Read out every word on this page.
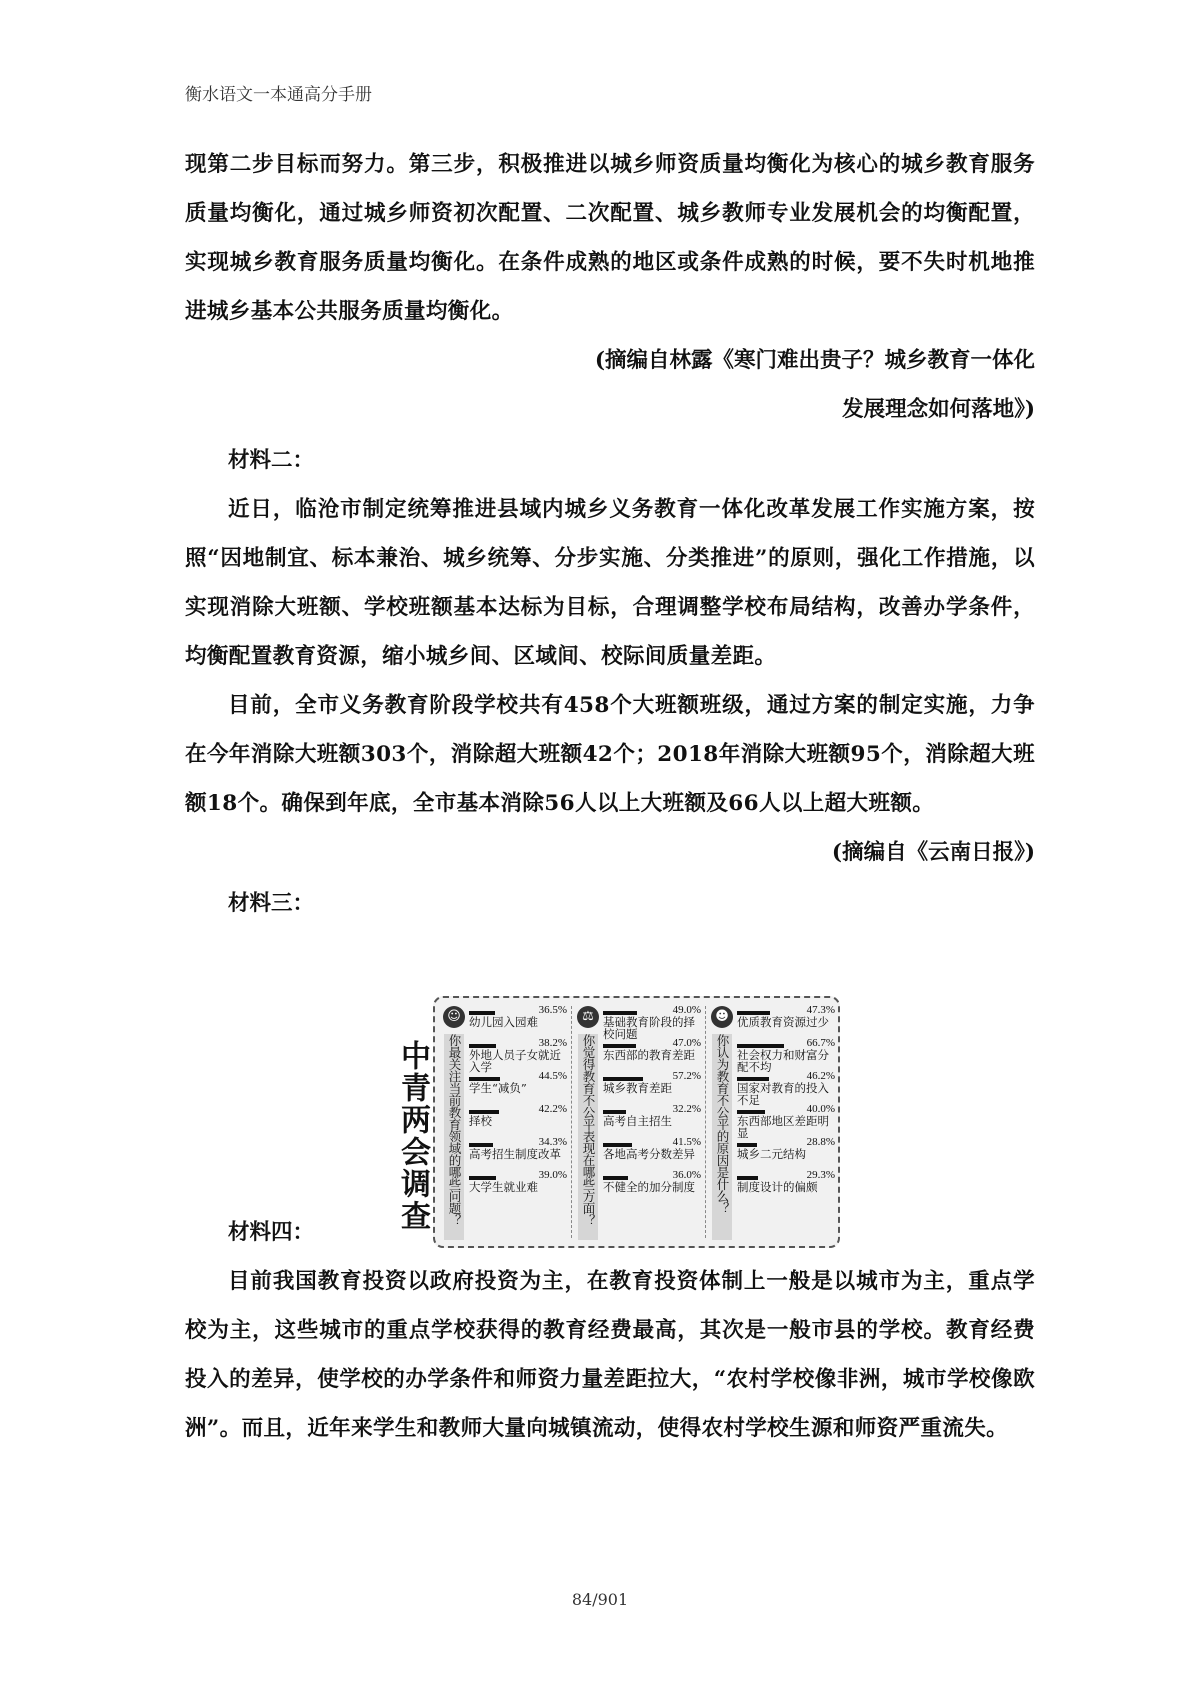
衡水语文一本通高分手册

现第二步目标而努力。第三步，积极推进以城乡师资质量均衡化为核心的城乡教育服务质量均衡化，通过城乡师资初次配置、二次配置、城乡教师专业发展机会的均衡配置，实现城乡教育服务质量均衡化。在条件成熟的地区或条件成熟的时候，要不失时机地推进城乡基本公共服务质量均衡化。

(摘编自林露《寒门难出贵子？城乡教育一体化

发展理念如何落地》)

材料二：

近日，临沧市制定统筹推进县域内城乡义务教育一体化改革发展工作实施方案，按照“因地制宜、标本兼治、城乡统筹、分步实施、分类推进”的原则，强化工作措施，以实现消除大班额、学校班额基本达标为目标，合理调整学校布局结构，改善办学条件，均衡配置教育资源，缩小城乡间、区域间、校际间质量差距。

目前，全市义务教育阶段学校共有458个大班额班级，通过方案的制定实施，力争在今年消除大班额303个，消除超大班额42个；2018年消除大班额95个，消除超大班额18个。确保到年底，全市基本消除56人以上大班额及66人以上超大班额。

(摘编自《云南日报》)

材料三：

中青两会调查
☺
你最关注当前教育领域的哪些问题？
36.5%
幼儿园入园难
38.2%
外地人员子女就近入学
44.5%
学生“减负”
42.2%
择校
34.3%
高考招生制度改革
39.0%
大学生就业难
⚖
你觉得教育不公平表现在哪些方面？
49.0%
基础教育阶段的择校问题
47.0%
东西部的教育差距
57.2%
城乡教育差距
32.2%
高考自主招生
41.5%
各地高考分数差异
36.0%
不健全的加分制度
☻
你认为教育不公平的原因是什么？
47.3%
优质教育资源过少
66.7%
社会权力和财富分配不均
46.2%
国家对教育的投入不足
40.0%
东西部地区差距明显
28.8%
城乡二元结构
29.3%
制度设计的偏颇

材料四：

目前我国教育投资以政府投资为主，在教育投资体制上一般是以城市为主，重点学校为主，这些城市的重点学校获得的教育经费最高，其次是一般市县的学校。教育经费投入的差异，使学校的办学条件和师资力量差距拉大，“农村学校像非洲，城市学校像欧洲”。而且，近年来学生和教师大量向城镇流动，使得农村学校生源和师资严重流失。

84/901
